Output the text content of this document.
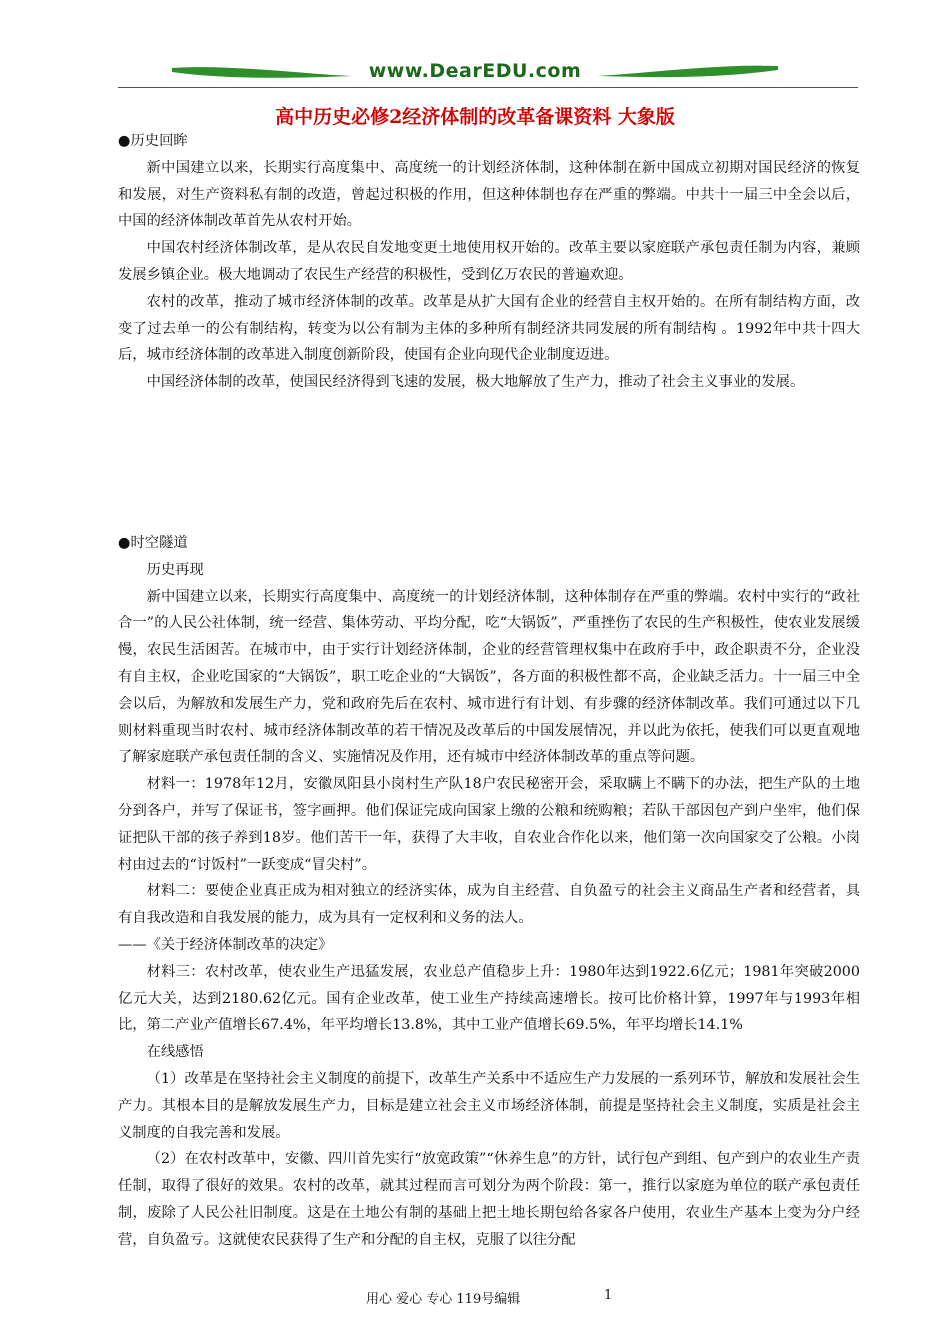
www.DearEDU.com
高中历史必修2经济体制的改革备课资料 大象版

●历史回眸

新中国建立以来，长期实行高度集中、高度统一的计划经济体制，这种体制在新中国成立初期对国民经济的恢复和发展，对生产资料私有制的改造，曾起过积极的作用，但这种体制也存在严重的弊端。中共十一届三中全会以后，中国的经济体制改革首先从农村开始。

中国农村经济体制改革，是从农民自发地变更土地使用权开始的。改革主要以家庭联产承包责任制为内容，兼顾发展乡镇企业。极大地调动了农民生产经营的积极性，受到亿万农民的普遍欢迎。

农村的改革，推动了城市经济体制的改革。改革是从扩大国有企业的经营自主权开始的。在所有制结构方面，改变了过去单一的公有制结构，转变为以公有制为主体的多种所有制经济共同发展的所有制结构 。1992年中共十四大后，城市经济体制的改革进入制度创新阶段，使国有企业向现代企业制度迈进。

中国经济体制的改革，使国民经济得到飞速的发展，极大地解放了生产力，推动了社会主义事业的发展。

●时空隧道

历史再现

新中国建立以来，长期实行高度集中、高度统一的计划经济体制，这种体制存在严重的弊端。农村中实行的“政社合一”的人民公社体制，统一经营、集体劳动、平均分配，吃“大锅饭”，严重挫伤了农民的生产积极性，使农业发展缓慢，农民生活困苦。在城市中，由于实行计划经济体制，企业的经营管理权集中在政府手中，政企职责不分，企业没有自主权，企业吃国家的“大锅饭”，职工吃企业的“大锅饭”，各方面的积极性都不高，企业缺乏活力。十一届三中全会以后，为解放和发展生产力，党和政府先后在农村、城市进行有计划、有步骤的经济体制改革。我们可通过以下几则材料重现当时农村、城市经济体制改革的若干情况及改革后的中国发展情况，并以此为依托，使我们可以更直观地了解家庭联产承包责任制的含义、实施情况及作用，还有城市中经济体制改革的重点等问题。

材料一：1978年12月，安徽凤阳县小岗村生产队18户农民秘密开会，采取瞒上不瞒下的办法，把生产队的土地分到各户，并写了保证书，签字画押。他们保证完成向国家上缴的公粮和统购粮；若队干部因包产到户坐牢，他们保证把队干部的孩子养到18岁。他们苦干一年，获得了大丰收，自农业合作化以来，他们第一次向国家交了公粮。小岗村由过去的“讨饭村”一跃变成“冒尖村”。

材料二：要使企业真正成为相对独立的经济实体，成为自主经营、自负盈亏的社会主义商品生产者和经营者，具有自我改造和自我发展的能力，成为具有一定权利和义务的法人。

——《关于经济体制改革的决定》

材料三：农村改革，使农业生产迅猛发展，农业总产值稳步上升：1980年达到1922.6亿元；1981年突破2000亿元大关，达到2180.62亿元。国有企业改革，使工业生产持续高速增长。按可比价格计算，1997年与1993年相比，第二产业产值增长67.4%，年平均增长13.8%，其中工业产值增长69.5%，年平均增长14.1%

在线感悟

（1）改革是在坚持社会主义制度的前提下，改革生产关系中不适应生产力发展的一系列环节，解放和发展社会生产力。其根本目的是解放发展生产力，目标是建立社会主义市场经济体制，前提是坚持社会主义制度，实质是社会主义制度的自我完善和发展。

（2）在农村改革中，安徽、四川首先实行“放宽政策”“休养生息”的方针，试行包产到组、包产到户的农业生产责任制，取得了很好的效果。农村的改革，就其过程而言可划分为两个阶段：第一，推行以家庭为单位的联产承包责任制，废除了人民公社旧制度。这是在土地公有制的基础上把土地长期包给各家各户使用，农业生产基本上变为分户经营，自负盈亏。这就使农民获得了生产和分配的自主权，克服了以往分配

用心 爱心 专心 119号编辑	1
